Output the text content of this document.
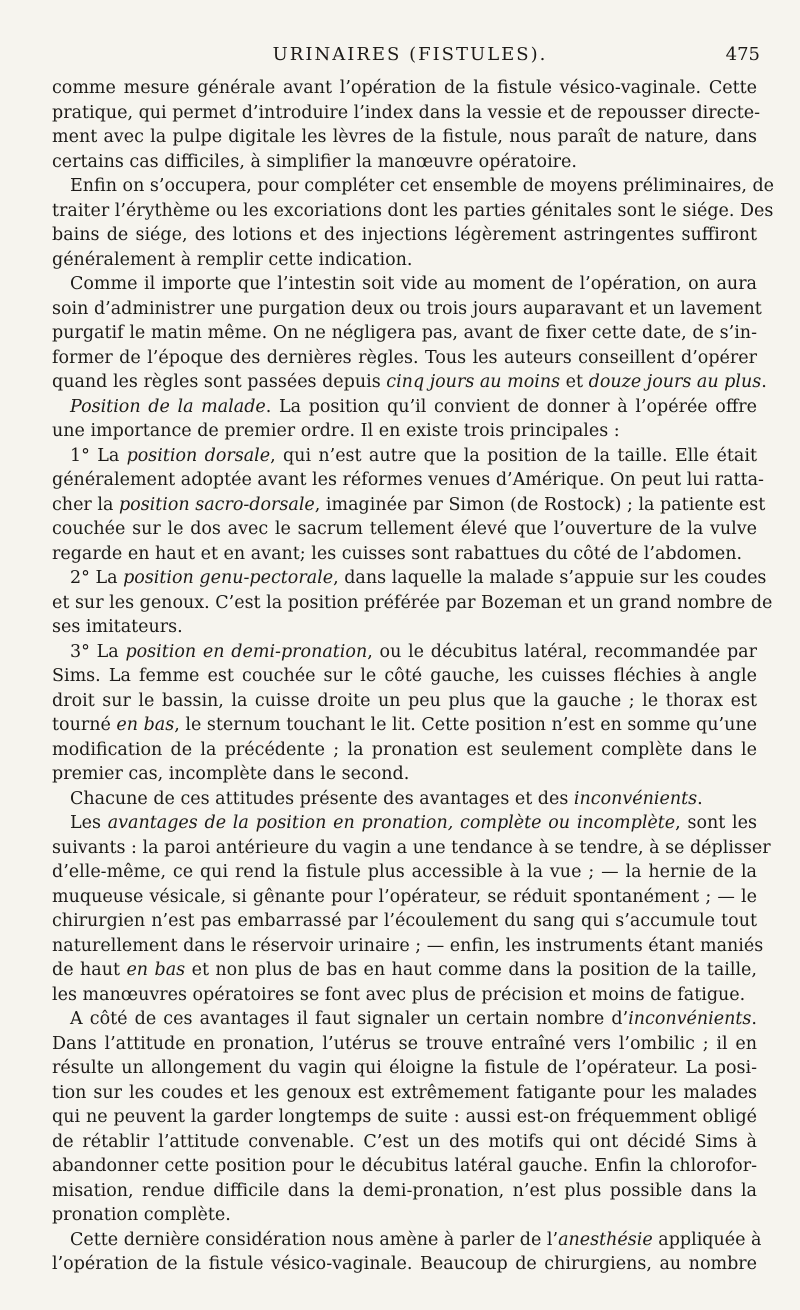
URINAIRES (FISTULES).	475
comme mesure générale avant l’opération de la fistule vésico-vaginale. Cette
pratique, qui permet d’introduire l’index dans la vessie et de repousser directe-
ment avec la pulpe digitale les lèvres de la fistule, nous paraît de nature, dans
certains cas difficiles, à simplifier la manœuvre opératoire.
Enfin on s’occupera, pour compléter cet ensemble de moyens préliminaires, de
traiter l’érythème ou les excoriations dont les parties génitales sont le siége. Des
bains de siége, des lotions et des injections légèrement astringentes suffiront
généralement à remplir cette indication.
Comme il importe que l’intestin soit vide au moment de l’opération, on aura
soin d’administrer une purgation deux ou trois jours auparavant et un lavement
purgatif le matin même. On ne négligera pas, avant de fixer cette date, de s’in-
former de l’époque des dernières règles. Tous les auteurs conseillent d’opérer
quand les règles sont passées depuis cinq jours au moins et douze jours au plus.
Position de la malade. La position qu’il convient de donner à l’opérée offre
une importance de premier ordre. Il en existe trois principales :
1° La position dorsale, qui n’est autre que la position de la taille. Elle était
généralement adoptée avant les réformes venues d’Amérique. On peut lui ratta-
cher la position sacro-dorsale, imaginée par Simon (de Rostock) ; la patiente est
couchée sur le dos avec le sacrum tellement élevé que l’ouverture de la vulve
regarde en haut et en avant; les cuisses sont rabattues du côté de l’abdomen.
2° La position genu-pectorale, dans laquelle la malade s’appuie sur les coudes
et sur les genoux. C’est la position préférée par Bozeman et un grand nombre de
ses imitateurs.
3° La position en demi-pronation, ou le décubitus latéral, recommandée par
Sims. La femme est couchée sur le côté gauche, les cuisses fléchies à angle
droit sur le bassin, la cuisse droite un peu plus que la gauche ; le thorax est
tourné en bas, le sternum touchant le lit. Cette position n’est en somme qu’une
modification de la précédente ; la pronation est seulement complète dans le
premier cas, incomplète dans le second.
Chacune de ces attitudes présente des avantages et des inconvénients.
Les avantages de la position en pronation, complète ou incomplète, sont les
suivants : la paroi antérieure du vagin a une tendance à se tendre, à se déplisser
d’elle-même, ce qui rend la fistule plus accessible à la vue ; — la hernie de la
muqueuse vésicale, si gênante pour l’opérateur, se réduit spontanément ; — le
chirurgien n’est pas embarrassé par l’écoulement du sang qui s’accumule tout
naturellement dans le réservoir urinaire ; — enfin, les instruments étant maniés
de haut en bas et non plus de bas en haut comme dans la position de la taille,
les manœuvres opératoires se font avec plus de précision et moins de fatigue.
A côté de ces avantages il faut signaler un certain nombre d’inconvénients.
Dans l’attitude en pronation, l’utérus se trouve entraîné vers l’ombilic ; il en
résulte un allongement du vagin qui éloigne la fistule de l’opérateur. La posi-
tion sur les coudes et les genoux est extrêmement fatigante pour les malades
qui ne peuvent la garder longtemps de suite : aussi est-on fréquemment obligé
de rétablir l’attitude convenable. C’est un des motifs qui ont décidé Sims à
abandonner cette position pour le décubitus latéral gauche. Enfin la chlorofor-
misation, rendue difficile dans la demi-pronation, n’est plus possible dans la
pronation complète.
Cette dernière considération nous amène à parler de l’anesthésie appliquée à
l’opération de la fistule vésico-vaginale. Beaucoup de chirurgiens, au nombre
